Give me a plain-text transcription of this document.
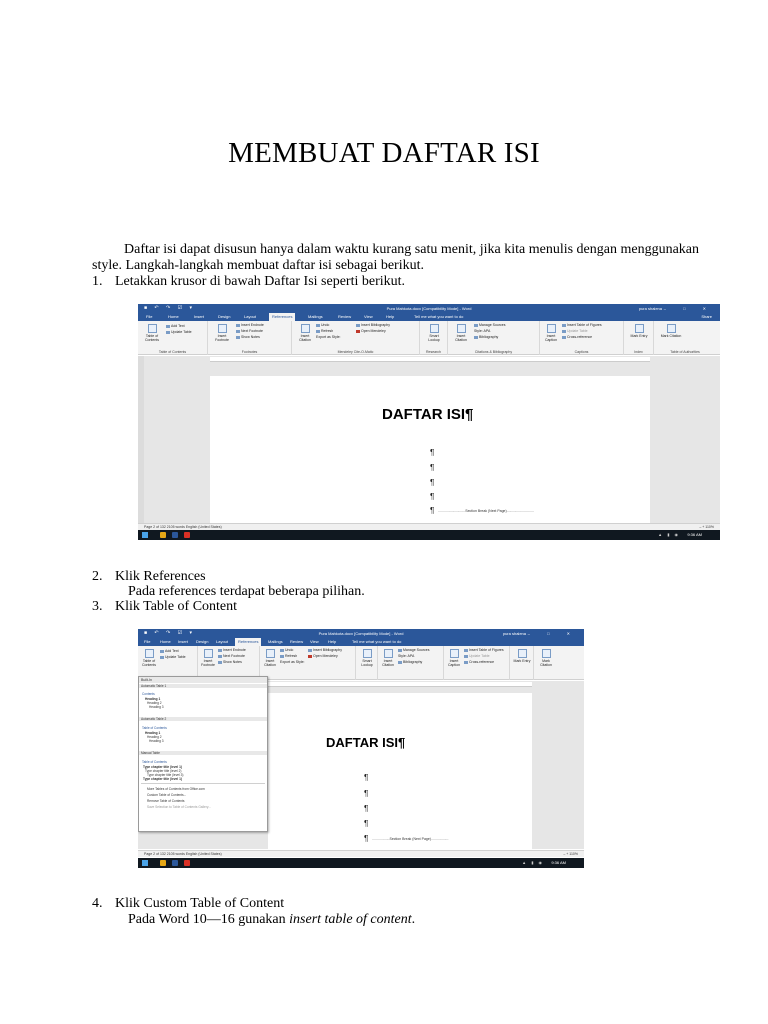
MEMBUAT DAFTAR ISI
Daftar isi dapat disusun hanya dalam waktu kurang satu menit, jika kita menulis dengan menggunakan
style. Langkah-langkah membuat daftar isi sebagai berikut.
1. Letakkan krusor di bawah Daftar Isi seperti berikut.
■ ↶ ↷ ☑ ▾	Pura Mahkota.docx [Compatibility Mode] - Word	pura shalena – □ ✕
File	Home	Insert	Design	Layout	References	Mailings	Review	View	Help	Tell me what you want to do	Share
Table of Contents
Add Text
Update Table
Table of Contents
Insert Footnote
Insert Endnote
Next Footnote
Show Notes
Footnotes
Insert Citation
Undo
Refresh
Export as Style:
Insert Bibliography
Open Mendeley
Mendeley Cite-O-Matic
Smart Lookup
Research
Insert Citation
Manage Sources
Style: APA
Bibliography
Citations & Bibliography
Insert Caption
Insert Table of Figures
Update Table
Cross-reference
Captions
Mark Entry
Index
Mark Citation
Table of Authorities
DAFTAR ISI¶
¶
¶
¶
¶
¶ ............................Section Break (Next Page)............................
Page 2 of 132 2105 words English (United States)	– + 110%
▲ ▮ ◉ 9:36 AM
2. Klik References
Pada references terdapat beberapa pilihan.
3. Klik Table of Content
■ ↶ ↷ ☑ ▾	Pura Mahkota.docx [Compatibility Mode] - Word	pura shalena – □ ✕
File Home Insert Design Layout	References	Mailings Review View Help	Tell me what you want to do
Table of Contents
Add Text
Update Table
Insert Footnote
Insert Endnote
Next Footnote
Show Notes	Insert Citation
Undo
Refresh
Export as Style:
Insert Bibliography
Open Mendeley
Smart Lookup
Insert Citation
Manage Sources
Style: APA
Bibliography	Insert Caption
Insert Table of Figures
Update Table
Cross-reference	Mark Entry	Mark Citation
DAFTAR ISI¶
¶
¶
¶
¶
¶ ..................Section Break (Next Page)..................
Built-In
Automatic Table 1
Contents
Heading 1
Heading 2
Heading 3
Automatic Table 2
Table of Contents
Heading 1
Heading 2
Heading 3
Manual Table
Table of Contents
Type chapter title (level 1)
Type chapter title (level 2)
Type chapter title (level 3)
Type chapter title (level 1)
More Tables of Contents from Office.com
Custom Table of Contents...
Remove Table of Contents
Save Selection to Table of Contents Gallery...
Page 2 of 132 2105 words English (United States)	– + 110%
▲ ▮ ◉ 9:36 AM
4. Klik Custom Table of Content
Pada Word 10—16 gunakan insert table of content.
